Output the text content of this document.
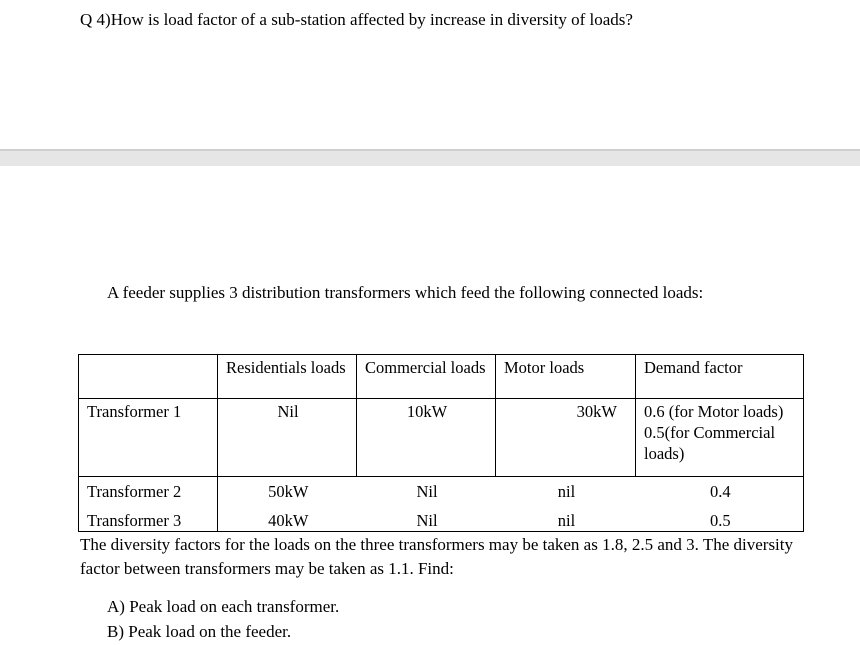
Q 4)How is load factor of a sub-station affected by increase in diversity of loads?
A feeder supplies 3 distribution transformers which feed the following connected loads:
	Residentials loads	Commercial loads	Motor loads	Demand factor
Transformer 1	Nil	10kW	30kW	0.6 (for Motor loads) 0.5(for Commercial loads)
Transformer 2	50kW	Nil	nil	0.4
Transformer 3	40kW	Nil	nil	0.5
The diversity factors for the loads on the three transformers may be taken as 1.8, 2.5 and 3. The diversity factor between transformers may be taken as 1.1. Find:
A) Peak load on each transformer.
B) Peak load on the feeder.
